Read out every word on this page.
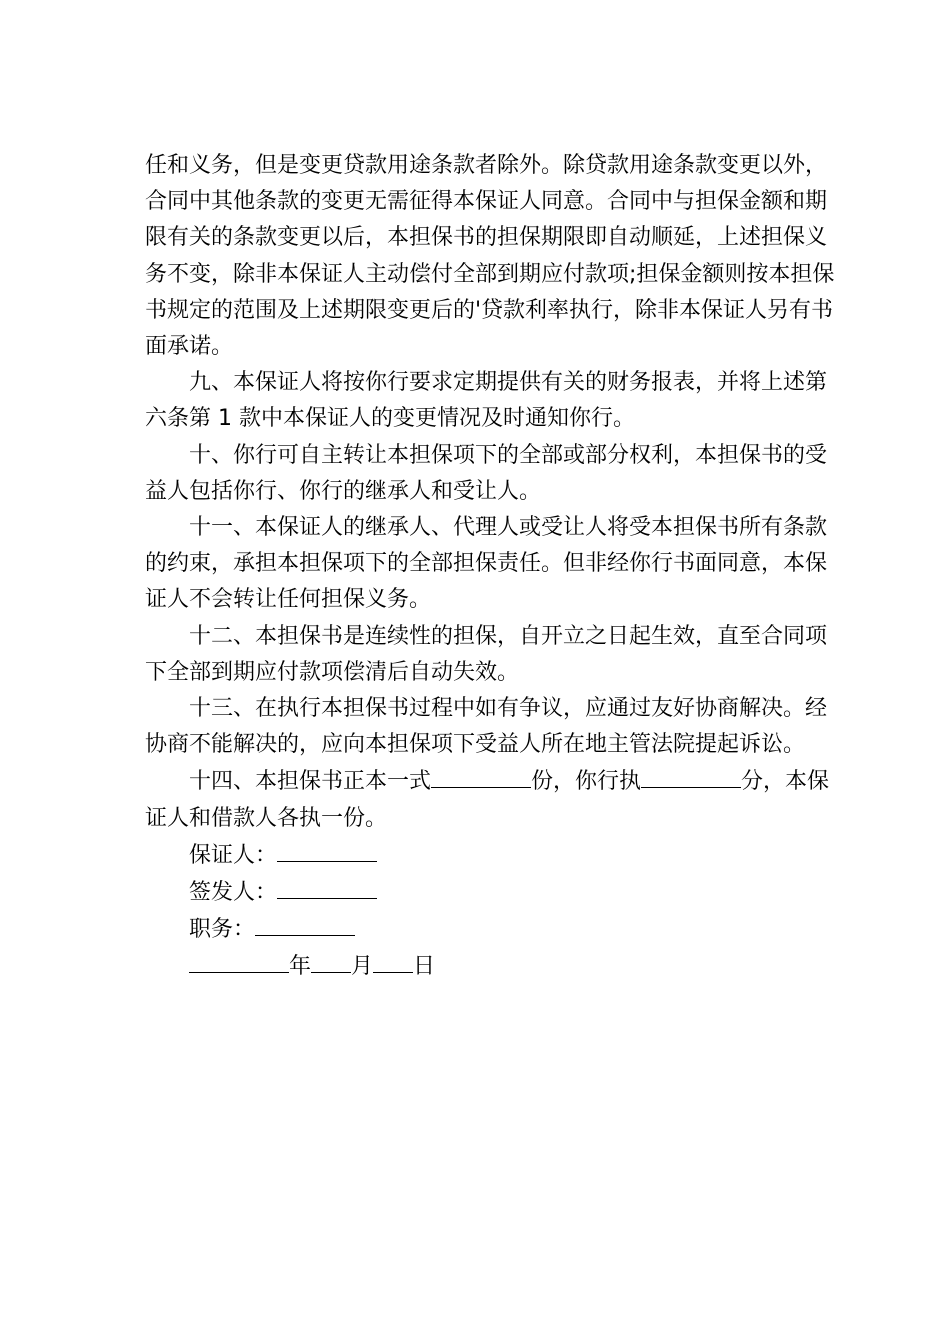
任和义务，但是变更贷款用途条款者除外。除贷款用途条款变更以外，合同中其他条款的变更无需征得本保证人同意。合同中与担保金额和期限有关的条款变更以后，本担保书的担保期限即自动顺延，上述担保义务不变，除非本保证人主动偿付全部到期应付款项;担保金额则按本担保书规定的范围及上述期限变更后的'贷款利率执行，除非本保证人另有书面承诺。

九、本保证人将按你行要求定期提供有关的财务报表，并将上述第六条第 1 款中本保证人的变更情况及时通知你行。

十、你行可自主转让本担保项下的全部或部分权利，本担保书的受益人包括你行、你行的继承人和受让人。

十一、本保证人的继承人、代理人或受让人将受本担保书所有条款的约束，承担本担保项下的全部担保责任。但非经你行书面同意，本保证人不会转让任何担保义务。

十二、本担保书是连续性的担保，自开立之日起生效，直至合同项下全部到期应付款项偿清后自动失效。

十三、在执行本担保书过程中如有争议，应通过友好协商解决。经协商不能解决的，应向本担保项下受益人所在地主管法院提起诉讼。

十四、本担保书正本一式	份，你行执	分，本保证人和借款人各执一份。

保证人：

签发人：

职务：

年 月 日
